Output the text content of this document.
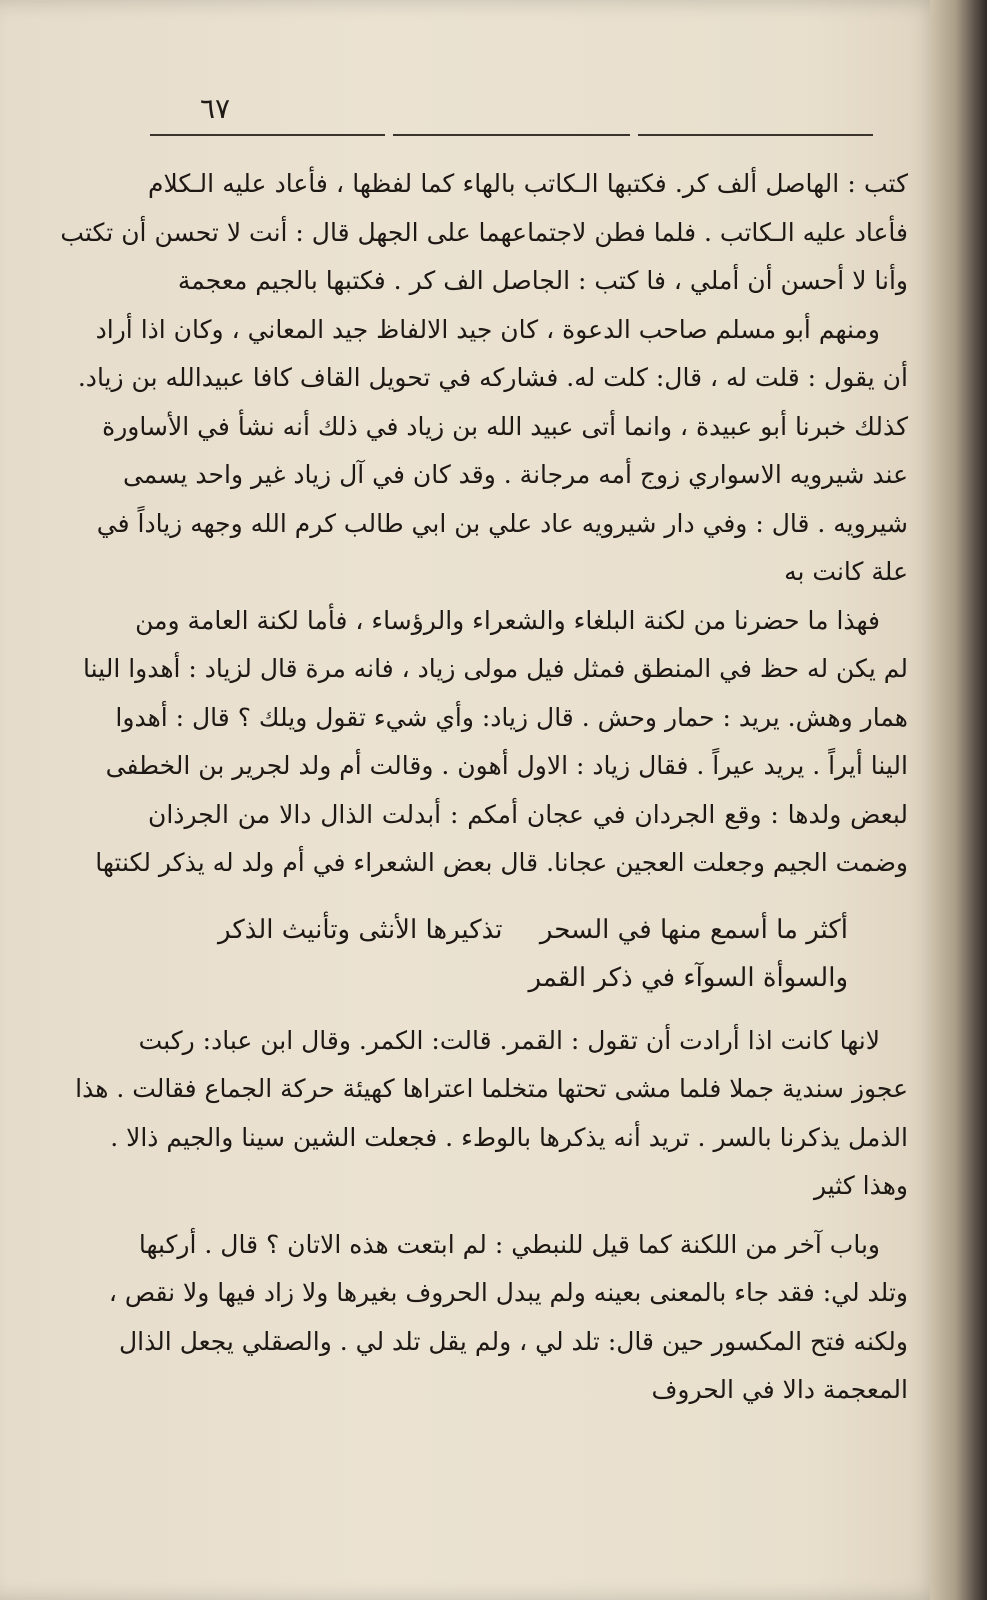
٦٧
كتب : الهاصل ألف كر. فكتبها الـكاتب بالهاء كما لفظها ، فأعاد عليه الـكلام
فأعاد عليه الـكاتب . فلما فطن لاجتماعهما على الجهل قال : أنت لا تحسن أن تكتب
وأنا لا أحسن أن أملي ، فا كتب : الجاصل الف كر . فكتبها بالجيم معجمة
ومنهم أبو مسلم صاحب الدعوة ، كان جيد الالفاظ جيد المعاني ، وكان اذا أراد
أن يقول : قلت له ، قال: كلت له. فشاركه في تحويل القاف كافا عبيدالله بن زياد.
كذلك خبرنا أبو عبيدة ، وانما أتى عبيد الله بن زياد في ذلك أنه نشأ في الأساورة
عند شيرويه الاسواري زوج أمه مرجانة . وقد كان في آل زياد غير واحد يسمى
شيرويه . قال : وفي دار شيرويه عاد علي بن ابي طالب كرم الله وجهه زياداً في
علة كانت به
فهذا ما حضرنا من لكنة البلغاء والشعراء والرؤساء ، فأما لكنة العامة ومن
لم يكن له حظ في المنطق فمثل فيل مولى زياد ، فانه مرة قال لزياد : أهدوا الينا
همار وهش. يريد : حمار وحش . قال زياد: وأي شيء تقول ويلك ؟ قال : أهدوا
الينا أيراً . يريد عيراً . فقال زياد : الاول أهون . وقالت أم ولد لجرير بن الخطفى
لبعض ولدها : وقع الجردان في عجان أمكم : أبدلت الذال دالا من الجرذان
وضمت الجيم وجعلت العجين عجانا. قال بعض الشعراء في أم ولد له يذكر لكنتها
أكثر ما أسمع منها في السحر
تذكيرها الأنثى وتأنيث الذكر
والسوأة السوآء في ذكر القمر
لانها كانت اذا أرادت أن تقول : القمر. قالت: الكمر. وقال ابن عباد: ركبت
عجوز سندية جملا فلما مشى تحتها متخلما اعتراها كهيئة حركة الجماع فقالت . هذا
الذمل يذكرنا بالسر . تريد أنه يذكرها بالوطء . فجعلت الشين سينا والجيم ذالا .
وهذا كثير
وباب آخر من اللكنة كما قيل للنبطي : لم ابتعت هذه الاتان ؟ قال . أركبها
وتلد لي: فقد جاء بالمعنى بعينه ولم يبدل الحروف بغيرها ولا زاد فيها ولا نقص ،
ولكنه فتح المكسور حين قال: تلد لي ، ولم يقل تلد لي . والصقلي يجعل الذال
المعجمة دالا في الحروف
